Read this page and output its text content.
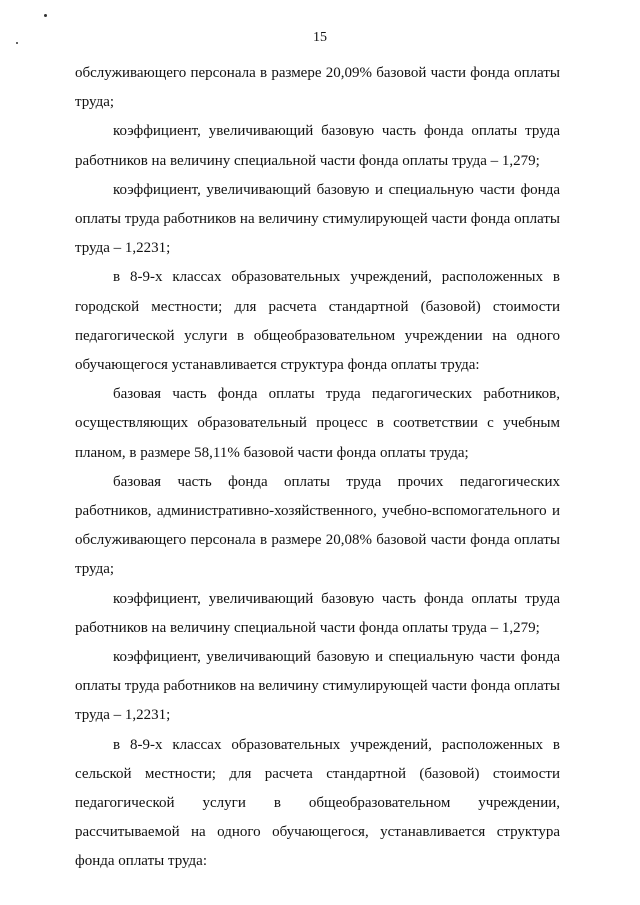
15

обслуживающего персонала в размере 20,09% базовой части фонда оплаты труда;

коэффициент, увеличивающий базовую часть фонда оплаты труда работников на величину специальной части фонда оплаты труда – 1,279;

коэффициент, увеличивающий базовую и специальную части фонда оплаты труда работников на величину стимулирующей части фонда оплаты труда – 1,2231;

в 8-9-х классах образовательных учреждений, расположенных в городской местности; для расчета стандартной (базовой) стоимости педагогической услуги в общеобразовательном учреждении на одного обучающегося устанавливается структура фонда оплаты труда:

базовая часть фонда оплаты труда педагогических работников, осуществляющих образовательный процесс в соответствии с учебным планом, в размере 58,11% базовой части фонда оплаты труда;

базовая часть фонда оплаты труда прочих педагогических работников, административно-хозяйственного, учебно-вспомогательного и обслуживающего персонала в размере 20,08% базовой части фонда оплаты труда;

коэффициент, увеличивающий базовую часть фонда оплаты труда работников на величину специальной части фонда оплаты труда – 1,279;

коэффициент, увеличивающий базовую и специальную части фонда оплаты труда работников на величину стимулирующей части фонда оплаты труда – 1,2231;

в 8-9-х классах образовательных учреждений, расположенных в сельской местности; для расчета стандартной (базовой) стоимости педагогической услуги в общеобразовательном учреждении, рассчитываемой на одного обучающегося, устанавливается структура фонда оплаты труда:
